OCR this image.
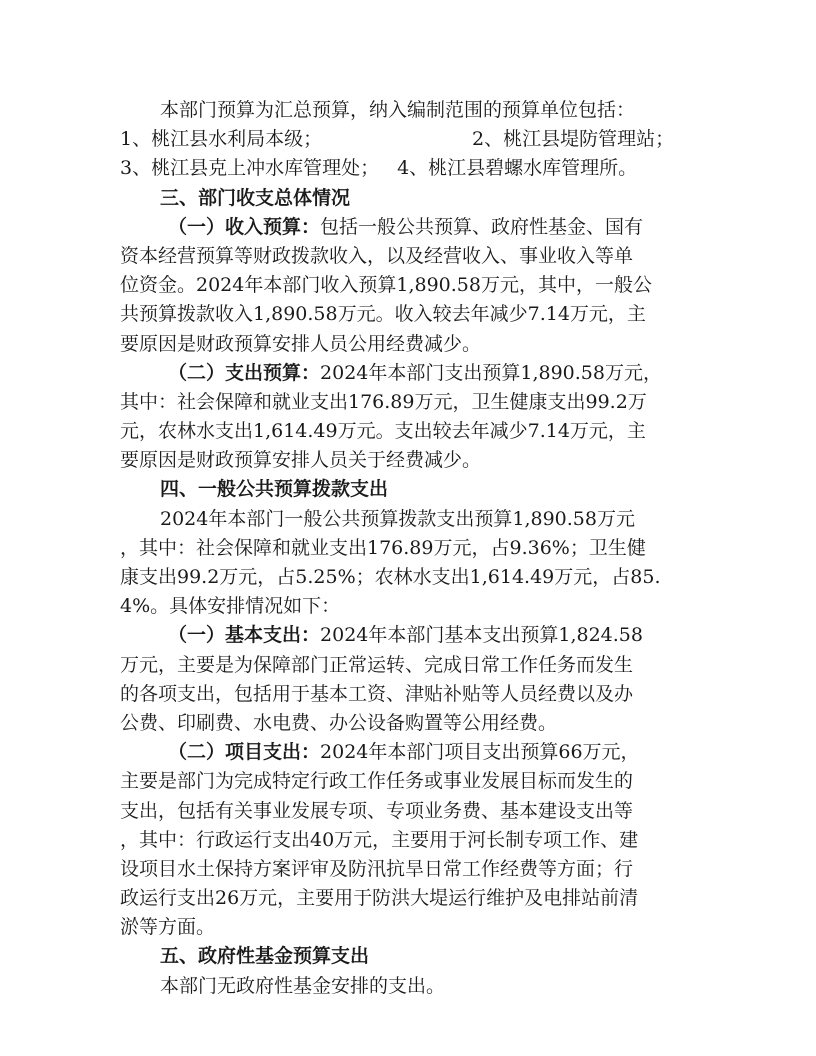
本部门预算为汇总预算，纳入编制范围的预算单位包括：
1、桃江县水利局本级；	2、桃江县堤防管理站；
3、桃江县克上冲水库管理处； 4、桃江县碧螺水库管理所。
三、部门收支总体情况
（一）收入预算：包括一般公共预算、政府性基金、国有
资本经营预算等财政拨款收入，以及经营收入、事业收入等单
位资金。2024年本部门收入预算1,890.58万元，其中，一般公
共预算拨款收入1,890.58万元。收入较去年减少7.14万元，主
要原因是财政预算安排人员公用经费减少。
（二）支出预算：2024年本部门支出预算1,890.58万元，
其中：社会保障和就业支出176.89万元，卫生健康支出99.2万
元，农林水支出1,614.49万元。支出较去年减少7.14万元，主
要原因是财政预算安排人员关于经费减少。
四、一般公共预算拨款支出
2024年本部门一般公共预算拨款支出预算1,890.58万元
，其中：社会保障和就业支出176.89万元，占9.36%；卫生健
康支出99.2万元，占5.25%；农林水支出1,614.49万元，占85.
4%。具体安排情况如下：
（一）基本支出：2024年本部门基本支出预算1,824.58
万元，主要是为保障部门正常运转、完成日常工作任务而发生
的各项支出，包括用于基本工资、津贴补贴等人员经费以及办
公费、印刷费、水电费、办公设备购置等公用经费。
（二）项目支出：2024年本部门项目支出预算66万元，
主要是部门为完成特定行政工作任务或事业发展目标而发生的
支出，包括有关事业发展专项、专项业务费、基本建设支出等
，其中：行政运行支出40万元，主要用于河长制专项工作、建
设项目水土保持方案评审及防汛抗旱日常工作经费等方面；行
政运行支出26万元，主要用于防洪大堤运行维护及电排站前清
淤等方面。
五、政府性基金预算支出
本部门无政府性基金安排的支出。
